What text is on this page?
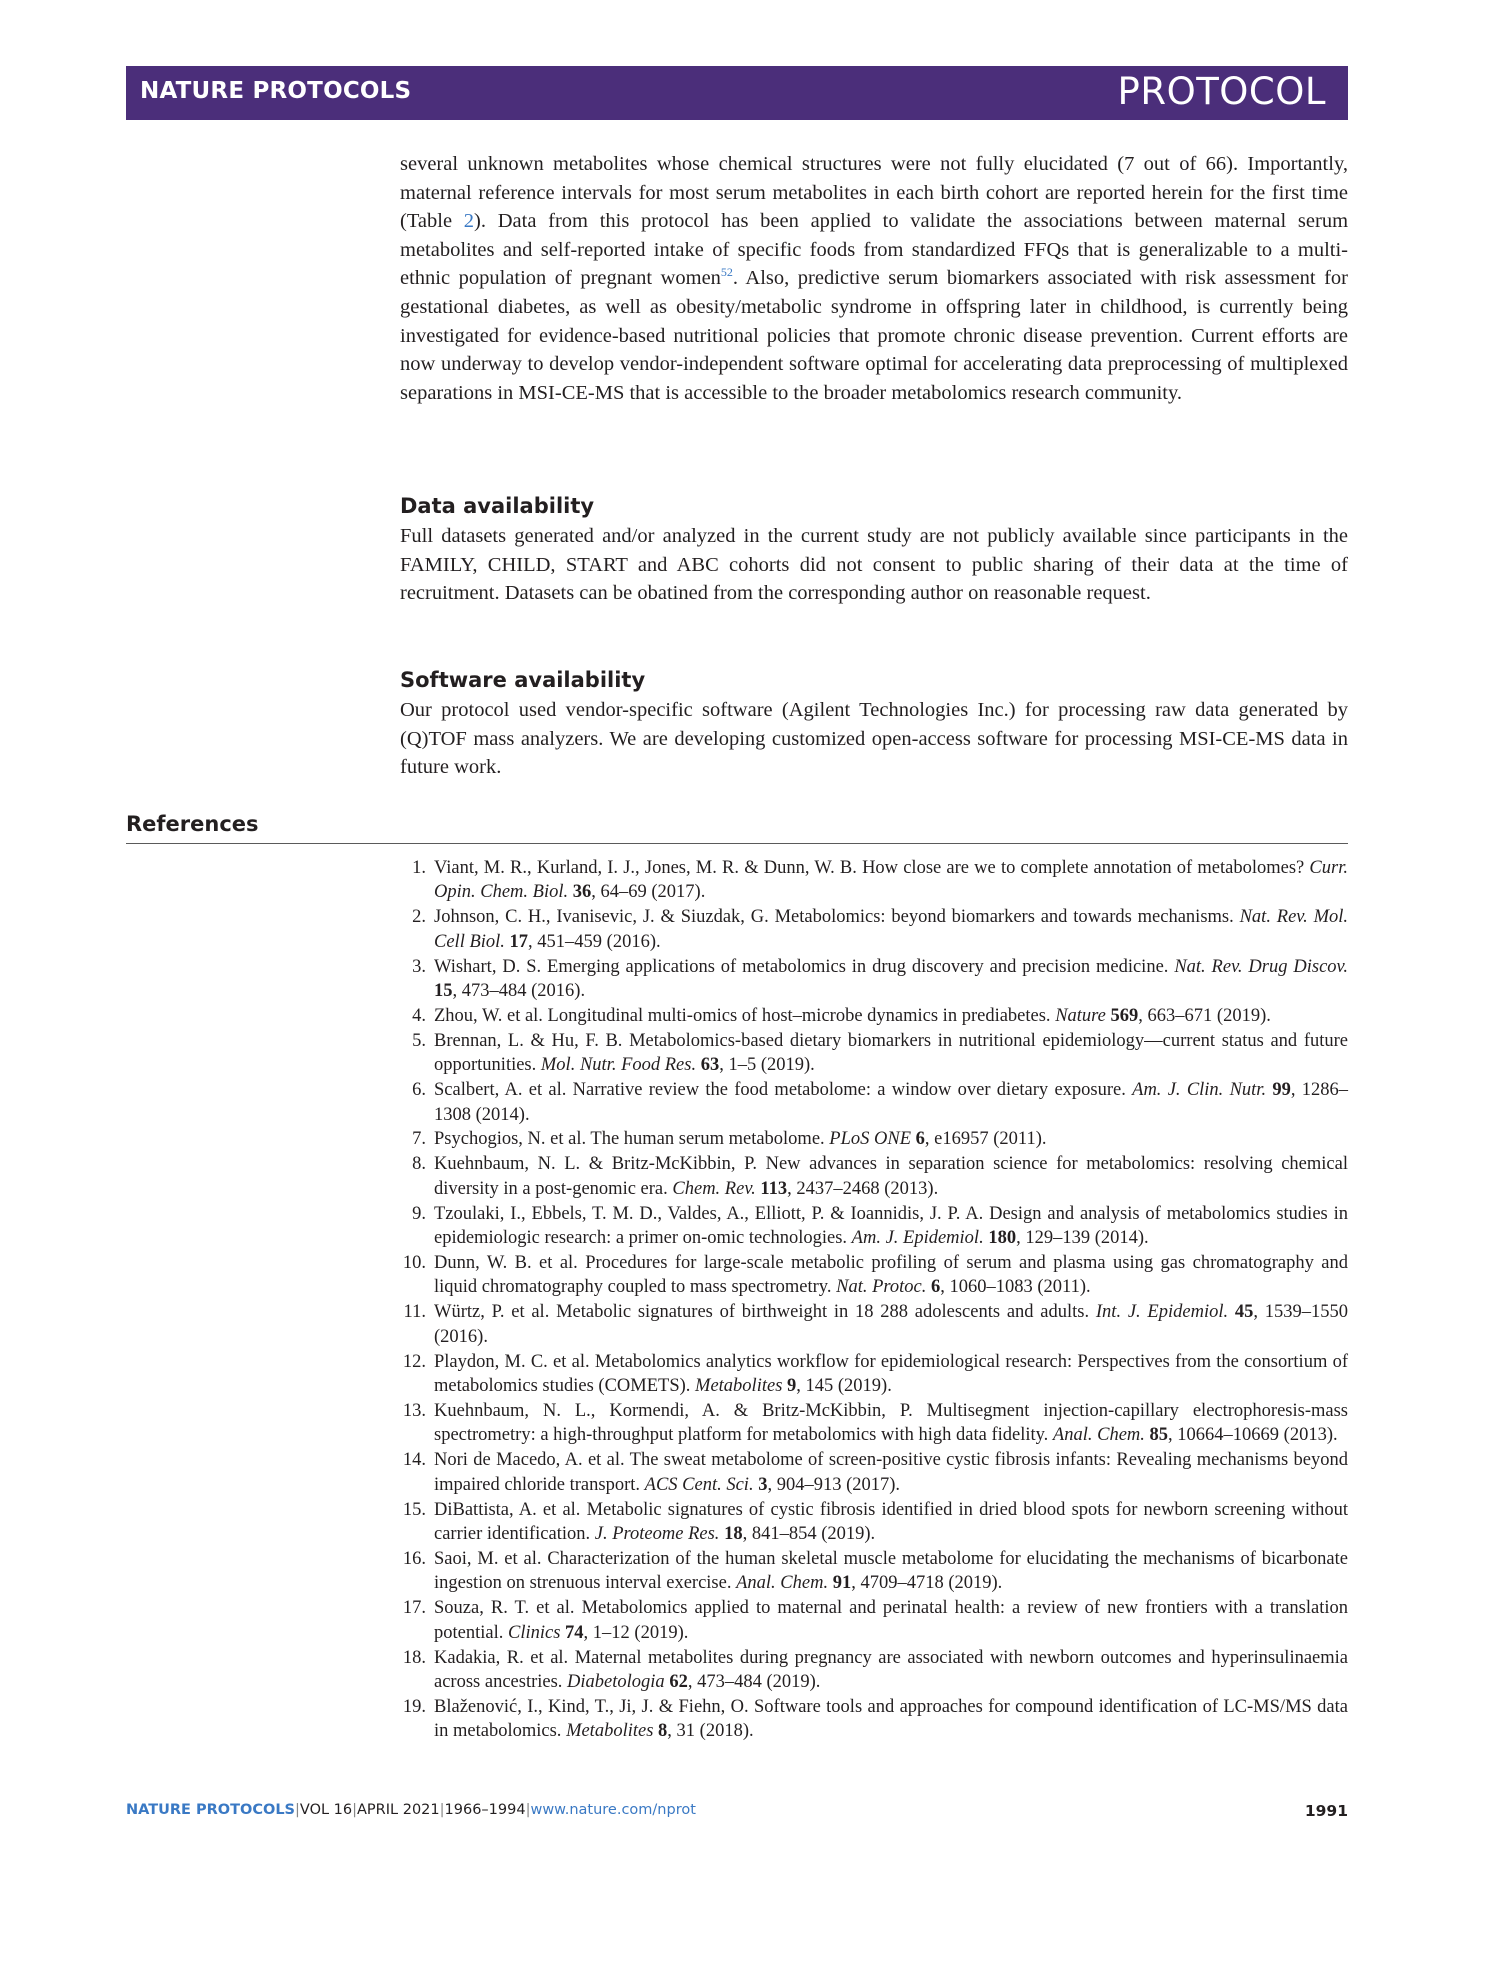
NATURE PROTOCOLS	PROTOCOL

several unknown metabolites whose chemical structures were not fully elucidated (7 out of 66). Importantly, maternal reference intervals for most serum metabolites in each birth cohort are reported herein for the first time (Table 2). Data from this protocol has been applied to validate the associations between maternal serum metabolites and self-reported intake of specific foods from standardized FFQs that is generalizable to a multi-ethnic population of pregnant women$^{52}$. Also, predictive serum biomarkers associated with risk assessment for gestational diabetes, as well as obesity/metabolic syndrome in offspring later in childhood, is currently being investigated for evidence-based nutritional policies that promote chronic disease prevention. Current efforts are now underway to develop vendor-independent software optimal for accelerating data preprocessing of multiplexed separations in MSI-CE-MS that is accessible to the broader metabolomics research community.

Data availability

Full datasets generated and/or analyzed in the current study are not publicly available since participants in the FAMILY, CHILD, START and ABC cohorts did not consent to public sharing of their data at the time of recruitment. Datasets can be obatined from the corresponding author on reasonable request.

Software availability

Our protocol used vendor-specific software (Agilent Technologies Inc.) for processing raw data generated by (Q)TOF mass analyzers. We are developing customized open-access software for processing MSI-CE-MS data in future work.

References
1. Viant, M. R., Kurland, I. J., Jones, M. R. & Dunn, W. B. How close are we to complete annotation of metabolomes? Curr. Opin. Chem. Biol. 36, 64–69 (2017).
2. Johnson, C. H., Ivanisevic, J. & Siuzdak, G. Metabolomics: beyond biomarkers and towards mechanisms. Nat. Rev. Mol. Cell Biol. 17, 451–459 (2016).
3. Wishart, D. S. Emerging applications of metabolomics in drug discovery and precision medicine. Nat. Rev. Drug Discov. 15, 473–484 (2016).
4. Zhou, W. et al. Longitudinal multi-omics of host–microbe dynamics in prediabetes. Nature 569, 663–671 (2019).
5. Brennan, L. & Hu, F. B. Metabolomics-based dietary biomarkers in nutritional epidemiology—current status and future opportunities. Mol. Nutr. Food Res. 63, 1–5 (2019).
6. Scalbert, A. et al. Narrative review the food metabolome: a window over dietary exposure. Am. J. Clin. Nutr. 99, 1286–1308 (2014).
7. Psychogios, N. et al. The human serum metabolome. PLoS ONE 6, e16957 (2011).
8. Kuehnbaum, N. L. & Britz-McKibbin, P. New advances in separation science for metabolomics: resolving chemical diversity in a post-genomic era. Chem. Rev. 113, 2437–2468 (2013).
9. Tzoulaki, I., Ebbels, T. M. D., Valdes, A., Elliott, P. & Ioannidis, J. P. A. Design and analysis of metabolomics studies in epidemiologic research: a primer on-omic technologies. Am. J. Epidemiol. 180, 129–139 (2014).
10. Dunn, W. B. et al. Procedures for large-scale metabolic profiling of serum and plasma using gas chromatography and liquid chromatography coupled to mass spectrometry. Nat. Protoc. 6, 1060–1083 (2011).
11. Würtz, P. et al. Metabolic signatures of birthweight in 18 288 adolescents and adults. Int. J. Epidemiol. 45, 1539–1550 (2016).
12. Playdon, M. C. et al. Metabolomics analytics workflow for epidemiological research: Perspectives from the consortium of metabolomics studies (COMETS). Metabolites 9, 145 (2019).
13. Kuehnbaum, N. L., Kormendi, A. & Britz-McKibbin, P. Multisegment injection-capillary electrophoresis-mass spectrometry: a high-throughput platform for metabolomics with high data fidelity. Anal. Chem. 85, 10664–10669 (2013).
14. Nori de Macedo, A. et al. The sweat metabolome of screen-positive cystic fibrosis infants: Revealing mechanisms beyond impaired chloride transport. ACS Cent. Sci. 3, 904–913 (2017).
15. DiBattista, A. et al. Metabolic signatures of cystic fibrosis identified in dried blood spots for newborn screening without carrier identification. J. Proteome Res. 18, 841–854 (2019).
16. Saoi, M. et al. Characterization of the human skeletal muscle metabolome for elucidating the mechanisms of bicarbonate ingestion on strenuous interval exercise. Anal. Chem. 91, 4709–4718 (2019).
17. Souza, R. T. et al. Metabolomics applied to maternal and perinatal health: a review of new frontiers with a translation potential. Clinics 74, 1–12 (2019).
18. Kadakia, R. et al. Maternal metabolites during pregnancy are associated with newborn outcomes and hyperinsulinaemia across ancestries. Diabetologia 62, 473–484 (2019).
19. Blaženović, I., Kind, T., Ji, J. & Fiehn, O. Software tools and approaches for compound identification of LC-MS/MS data in metabolomics. Metabolites 8, 31 (2018).
NATURE PROTOCOLS|VOL 16|APRIL 2021|1966–1994|www.nature.com/nprot	1991
